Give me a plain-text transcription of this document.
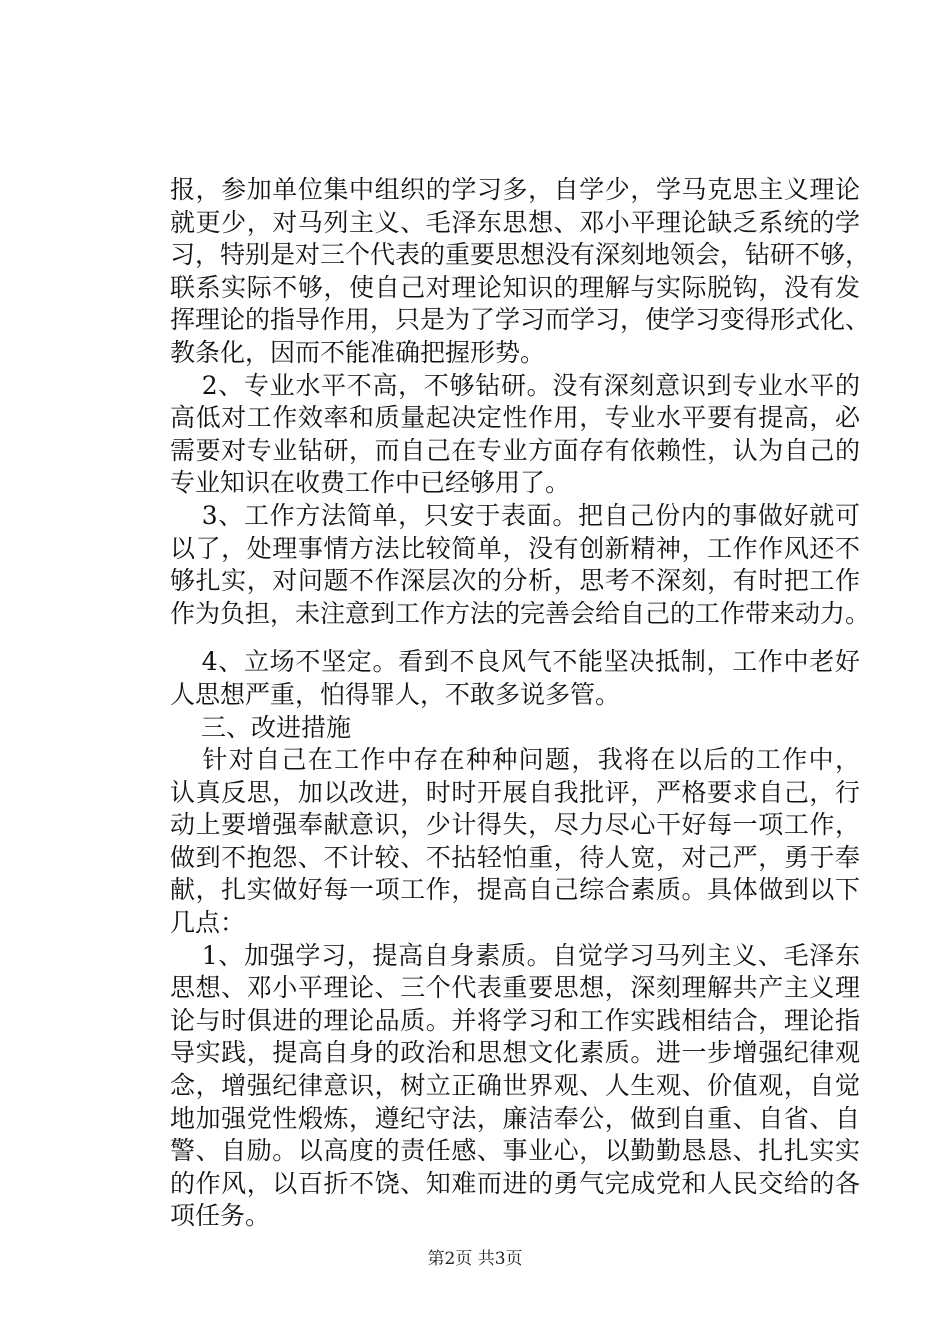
报，参加单位集中组织的学习多，自学少，学马克思主义理论
就更少，对马列主义、毛泽东思想、邓小平理论缺乏系统的学
习，特别是对三个代表的重要思想没有深刻地领会，钻研不够，
联系实际不够，使自己对理论知识的理解与实际脱钩，没有发
挥理论的指导作用，只是为了学习而学习，使学习变得形式化、
教条化，因而不能准确把握形势。
　2、专业水平不高，不够钻研。没有深刻意识到专业水平的
高低对工作效率和质量起决定性作用，专业水平要有提高，必
需要对专业钻研，而自己在专业方面存有依赖性，认为自己的
专业知识在收费工作中已经够用了。
　3、工作方法简单，只安于表面。把自己份内的事做好就可
以了，处理事情方法比较简单，没有创新精神，工作作风还不
够扎实，对问题不作深层次的分析，思考不深刻，有时把工作
作为负担，未注意到工作方法的完善会给自己的工作带来动力。
　4、立场不坚定。看到不良风气不能坚决抵制，工作中老好
人思想严重，怕得罪人，不敢多说多管。
　三、改进措施
　针对自己在工作中存在种种问题，我将在以后的工作中，
认真反思，加以改进，时时开展自我批评，严格要求自己，行
动上要增强奉献意识，少计得失，尽力尽心干好每一项工作，
做到不抱怨、不计较、不拈轻怕重，待人宽，对己严，勇于奉
献，扎实做好每一项工作，提高自己综合素质。具体做到以下
几点：
　1、加强学习，提高自身素质。自觉学习马列主义、毛泽东
思想、邓小平理论、三个代表重要思想，深刻理解共产主义理
论与时俱进的理论品质。并将学习和工作实践相结合，理论指
导实践，提高自身的政治和思想文化素质。进一步增强纪律观
念，增强纪律意识，树立正确世界观、人生观、价值观，自觉
地加强党性煅炼，遵纪守法，廉洁奉公，做到自重、自省、自
警、自励。以高度的责任感、事业心，以勤勤恳恳、扎扎实实
的作风，以百折不饶、知难而进的勇气完成党和人民交给的各
项任务。
第2页 共3页
